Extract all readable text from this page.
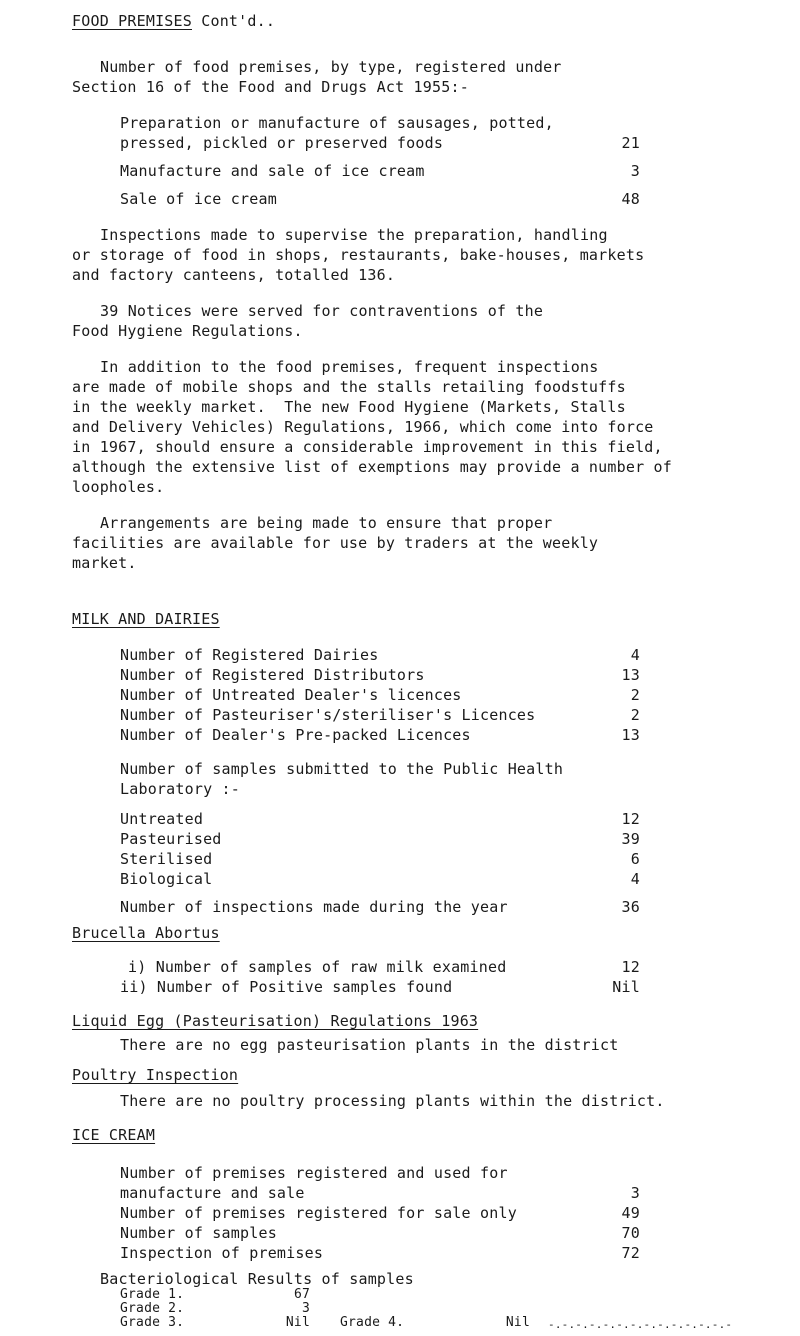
FOOD PREMISES Cont'd..
Number of food premises, by type, registered under
Section 16 of the Food and Drugs Act 1955:-
Preparation or manufacture of sausages, potted,
pressed, pickled or preserved foods	21
Manufacture and sale of ice cream	3
Sale of ice cream	48
Inspections made to supervise the preparation, handling
or storage of food in shops, restaurants, bake-houses, markets
and factory canteens, totalled 136.
39 Notices were served for contraventions of the
Food Hygiene Regulations.
In addition to the food premises, frequent inspections
are made of mobile shops and the stalls retailing foodstuffs
in the weekly market.  The new Food Hygiene (Markets, Stalls
and Delivery Vehicles) Regulations, 1966, which come into force
in 1967, should ensure a considerable improvement in this field,
although the extensive list of exemptions may provide a number of
loopholes.
Arrangements are being made to ensure that proper
facilities are available for use by traders at the weekly
market.
MILK AND DAIRIES
Number of Registered Dairies	4
Number of Registered Distributors	13
Number of Untreated Dealer's licences	2
Number of Pasteuriser's/steriliser's Licences	2
Number of Dealer's Pre-packed Licences	13
Number of samples submitted to the Public Health
Laboratory :-
Untreated	12
Pasteurised	39
Sterilised	6
Biological	4
Number of inspections made during the year	36
Brucella Abortus
i) Number of samples of raw milk examined	12
ii) Number of Positive samples found	Nil
Liquid Egg (Pasteurisation) Regulations 1963
There are no egg pasteurisation plants in the district
Poultry Inspection
There are no poultry processing plants within the district.
ICE CREAM
Number of premises registered and used for
manufacture and sale	3
Number of premises registered for sale only	49
Number of samples	70
Inspection of premises	72
Bacteriological Results of samples
Grade 1.	67
Grade 2.	3
Grade 3.	Nil Grade 4.	Nil -.-.-.-.-.-.-.-.-.-.-.-.-.-
